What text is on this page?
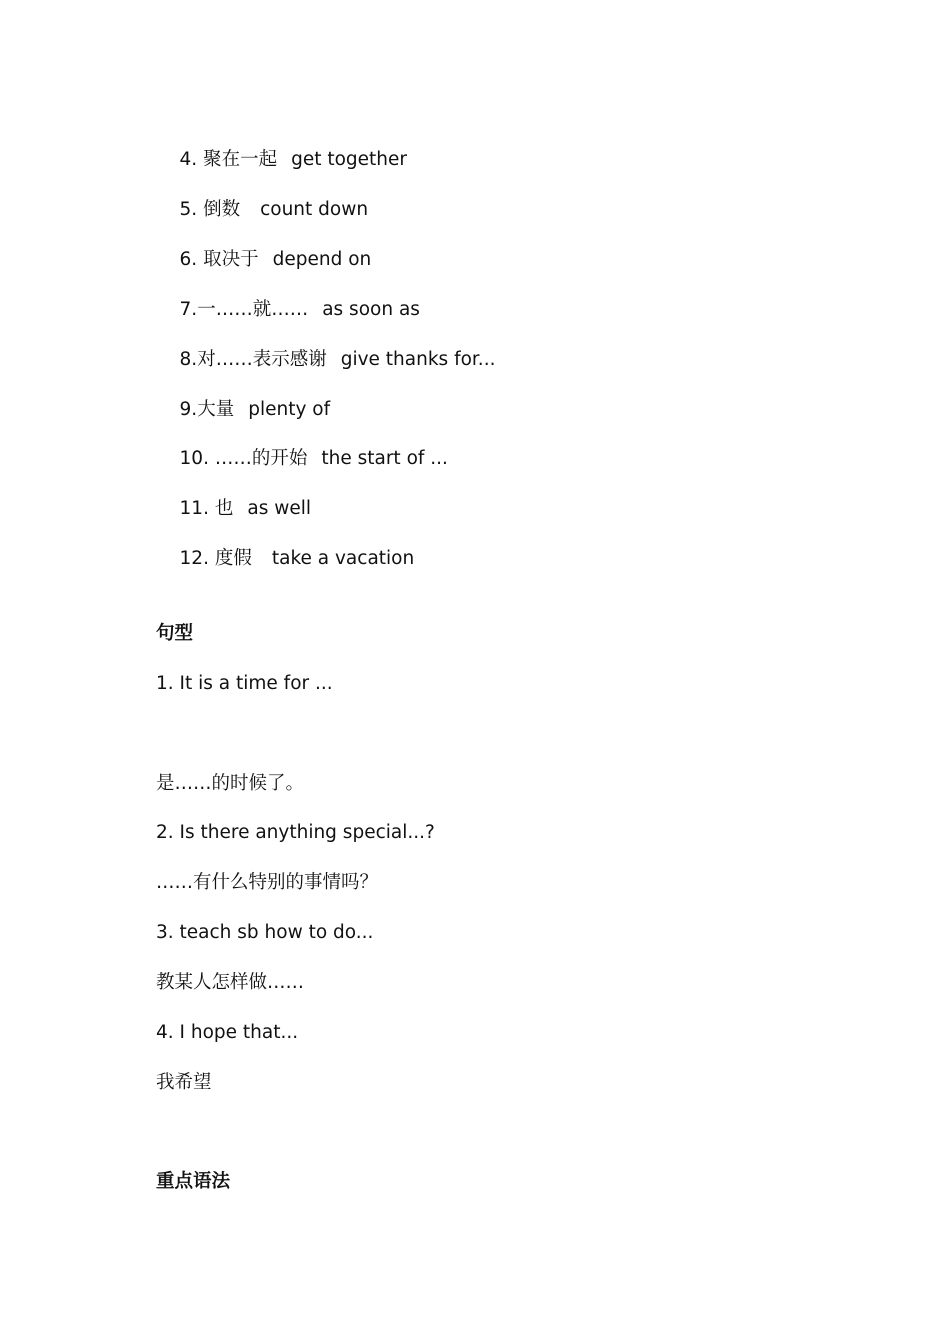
4. 聚在一起 get together

5. 倒数 count down

6. 取决于 depend on

7.一……就…… as soon as

8.对……表示感谢 give thanks for...

9.大量 plenty of

10. ……的开始 the start of ...

11. 也 as well

12. 度假 take a vacation

句型
1. It is a time for ...
是……的时候了。
2. Is there anything special...?
……有什么特别的事情吗？
3. teach sb how to do...
教某人怎样做……
4. I hope that...
我希望
重点语法
